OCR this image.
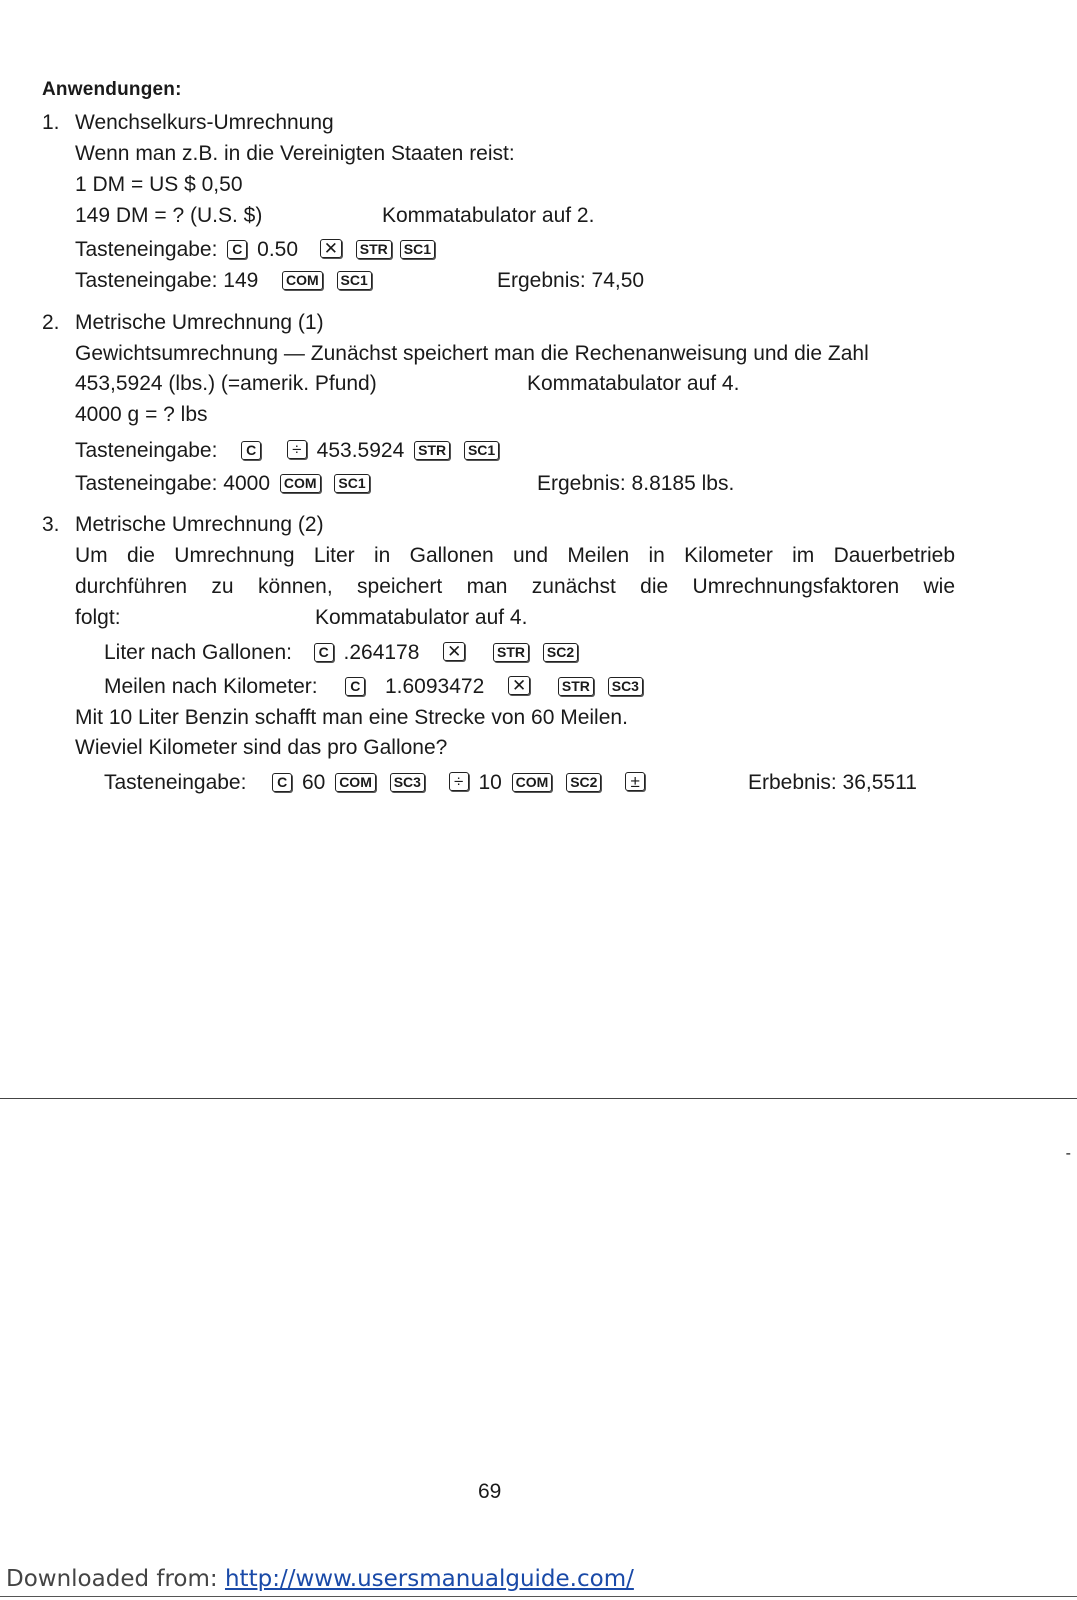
Anwendungen:
1. Wenchselkurs-Umrechnung
Wenn man z.B. in die Vereinigten Staaten reist:
1 DM = US $ 0,50
149 DM = ? (U.S. $)	Kommatabulator auf 2.
Tasteneingabe: C 0.50 ✕ STR SC1
Tasteneingabe: 149 COM SC1	Ergebnis: 74,50
2. Metrische Umrechnung (1)
Gewichtsumrechnung — Zunächst speichert man die Rechenanweisung und die Zahl
453,5924 (lbs.) (=amerik. Pfund)	Kommatabulator auf 4.
4000 g = ? lbs
Tasteneingabe: C ÷ 453.5924 STR SC1
Tasteneingabe: 4000 COM SC1	Ergebnis: 8.8185 lbs.
3. Metrische Umrechnung (2)
Um die Umrechnung Liter in Gallonen und Meilen in Kilometer im Dauerbetrieb
durchführen zu können, speichert man zunächst die Umrechnungsfaktoren wie
folgt:	Kommatabulator auf 4.
Liter nach Gallonen: C .264178 ✕	STR SC2
Meilen nach Kilometer: C 1.6093472 ✕	STR SC3
Mit 10 Liter Benzin schafft man eine Strecke von 60 Meilen.
Wieviel Kilometer sind das pro Gallone?
Tasteneingabe: C 60 COM SC3 ÷ 10 COM SC2 ±	Erbebnis: 36,5511
-
69
Downloaded from: http://www.usersmanualguide.com/
